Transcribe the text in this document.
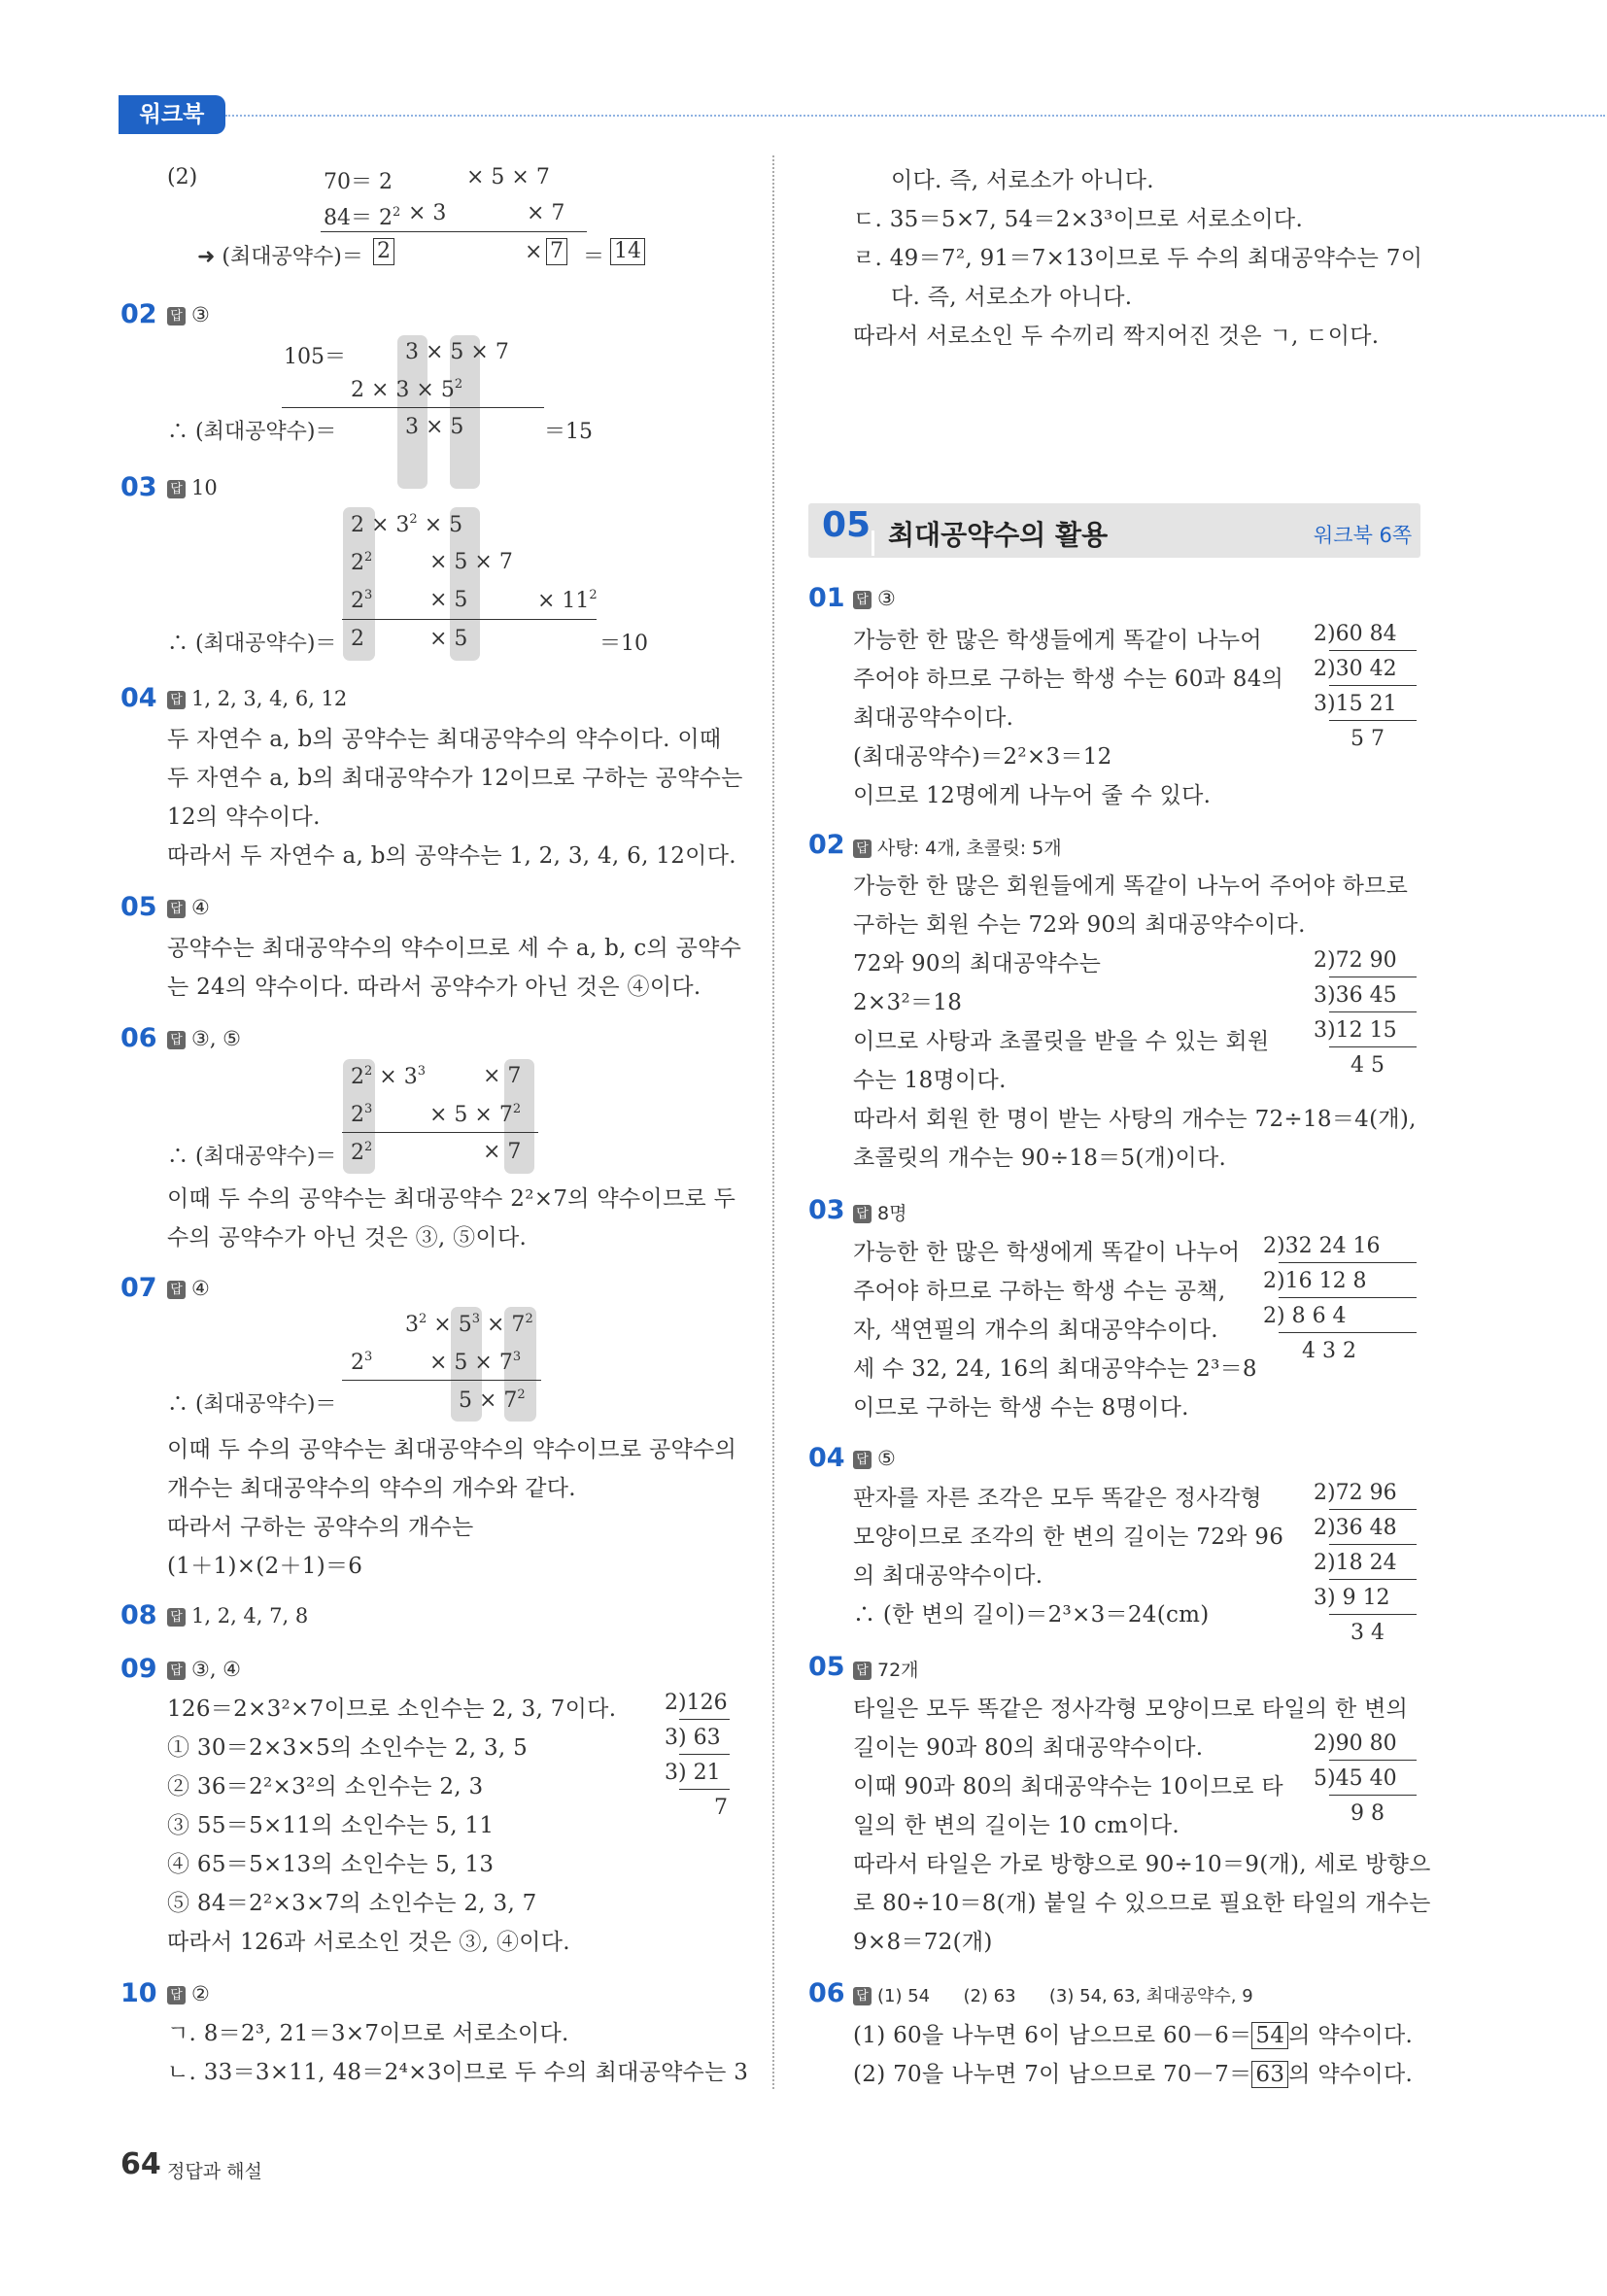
워크북
(2)	70＝ 2	× 5 × 7
$84= 2^2 \times 3$	× 7
➜ (최대공약수)＝ 2	× 7 ＝ 14
02 답 ③
105＝	3 × 5 × 7
$2 \times 3 \times 5^2$
∴ (최대공약수)＝	3 × 5	＝15
03 답 10
$2 \times 3^2 \times 5$
$2^2$	× 5 × 7
$2^3$	× 5	× $11^2$
∴ (최대공약수)＝ 2	× 5	＝10
04 답 1, 2, 3, 4, 6, 12
두 자연수 a, b의 공약수는 최대공약수의 약수이다. 이때
두 자연수 a, b의 최대공약수가 12이므로 구하는 공약수는
12의 약수이다.
따라서 두 자연수 a, b의 공약수는 1, 2, 3, 4, 6, 12이다.
05 답 ④
공약수는 최대공약수의 약수이므로 세 수 a, b, c의 공약수
는 24의 약수이다. 따라서 공약수가 아닌 것은 ④이다.
06 답 ③, ⑤
$2^2 \times 3^3$	× 7
$2^3$	× $5 \times 7^2$
∴ (최대공약수)＝ $2^2$	× 7
이때 두 수의 공약수는 최대공약수 2²×7의 약수이므로 두
수의 공약수가 아닌 것은 ③, ⑤이다.
07 답 ④
$3^2 \times 5^3 \times 7^2$
$2^3$	× $5 \times 7^3$
∴ (최대공약수)＝	$5 \times 7^2$
이때 두 수의 공약수는 최대공약수의 약수이므로 공약수의
개수는 최대공약수의 약수의 개수와 같다.
따라서 구하는 공약수의 개수는
(1＋1)×(2＋1)＝6
08 답 1, 2, 4, 7, 8
09 답 ③, ④
126＝2×3²×7이므로 소인수는 2, 3, 7이다.
① 30＝2×3×5의 소인수는 2, 3, 5
② 36＝2²×3²의 소인수는 2, 3
③ 55＝5×11의 소인수는 5, 11
④ 65＝5×13의 소인수는 5, 13
⑤ 84＝2²×3×7의 소인수는 2, 3, 7
따라서 126과 서로소인 것은 ③, ④이다.
2)126
3) 63
3) 21
7
10 답 ②
ㄱ. 8＝2³, 21＝3×7이므로 서로소이다.
ㄴ. 33＝3×11, 48＝2⁴×3이므로 두 수의 최대공약수는 3
이다. 즉, 서로소가 아니다.
ㄷ. 35＝5×7, 54＝2×3³이므로 서로소이다.
ㄹ. 49＝7², 91＝7×13이므로 두 수의 최대공약수는 7이
다. 즉, 서로소가 아니다.
따라서 서로소인 두 수끼리 짝지어진 것은 ㄱ, ㄷ이다.
05 최대공약수의 활용	워크북 6쪽
01 답 ③
가능한 한 많은 학생들에게 똑같이 나누어
주어야 하므로 구하는 학생 수는 60과 84의
최대공약수이다.
(최대공약수)＝2²×3＝12
이므로 12명에게 나누어 줄 수 있다.
2)60 84
2)30 42
3)15 21
5 7
02 답 사탕: 4개, 초콜릿: 5개
가능한 한 많은 회원들에게 똑같이 나누어 주어야 하므로
구하는 회원 수는 72와 90의 최대공약수이다.
72와 90의 최대공약수는
2×3²＝18
이므로 사탕과 초콜릿을 받을 수 있는 회원
수는 18명이다.
따라서 회원 한 명이 받는 사탕의 개수는 72÷18＝4(개),
초콜릿의 개수는 90÷18＝5(개)이다.
2)72 90
3)36 45
3)12 15
4 5
03 답 8명
가능한 한 많은 학생에게 똑같이 나누어
주어야 하므로 구하는 학생 수는 공책,
자, 색연필의 개수의 최대공약수이다.
세 수 32, 24, 16의 최대공약수는 2³＝8
이므로 구하는 학생 수는 8명이다.
2)32 24 16
2)16 12 8
2) 8 6 4
4 3 2
04 답 ⑤
판자를 자른 조각은 모두 똑같은 정사각형
모양이므로 조각의 한 변의 길이는 72와 96
의 최대공약수이다.
∴ (한 변의 길이)＝2³×3＝24(cm)
2)72 96
2)36 48
2)18 24
3) 9 12
3 4
05 답 72개
타일은 모두 똑같은 정사각형 모양이므로 타일의 한 변의
길이는 90과 80의 최대공약수이다.
이때 90과 80의 최대공약수는 10이므로 타
일의 한 변의 길이는 10 cm이다.
따라서 타일은 가로 방향으로 90÷10＝9(개), 세로 방향으
로 80÷10＝8(개) 붙일 수 있으므로 필요한 타일의 개수는
9×8＝72(개)
2)90 80
5)45 40
9 8
06 답 (1) 54      (2) 63      (3) 54, 63, 최대공약수, 9
(1) 60을 나누면 6이 남으므로 60－6＝ 54 의 약수이다.
(2) 70을 나누면 7이 남으므로 70－7＝ 63 의 약수이다.
64 정답과 해설
